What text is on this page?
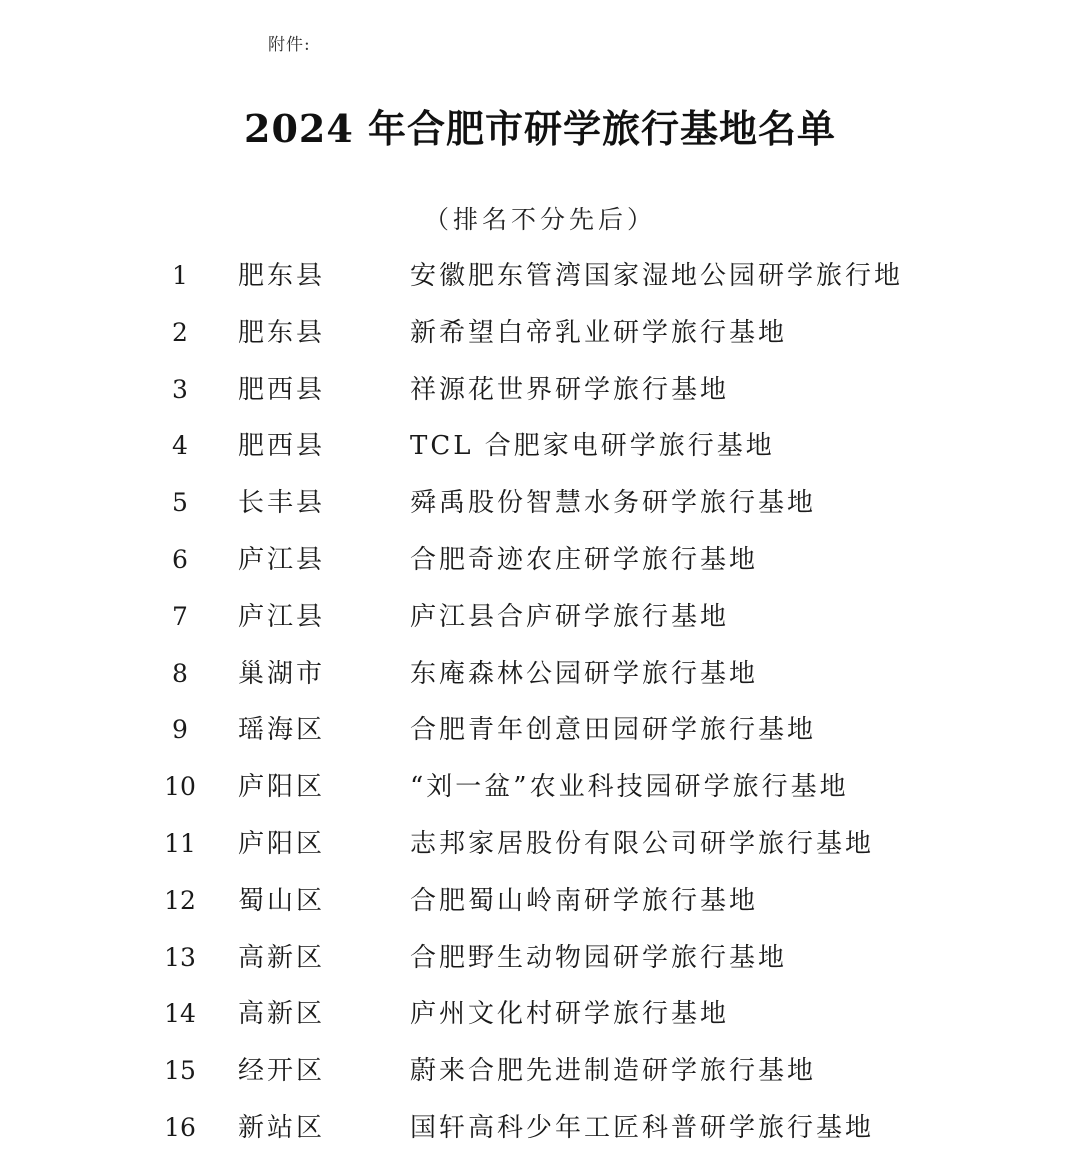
附件:
2024 年合肥市研学旅行基地名单
（排名不分先后）
1	肥东县	安徽肥东管湾国家湿地公园研学旅行地
2	肥东县	新希望白帝乳业研学旅行基地
3	肥西县	祥源花世界研学旅行基地
4	肥西县	TCL 合肥家电研学旅行基地
5	长丰县	舜禹股份智慧水务研学旅行基地
6	庐江县	合肥奇迹农庄研学旅行基地
7	庐江县	庐江县合庐研学旅行基地
8	巢湖市	东庵森林公园研学旅行基地
9	瑶海区	合肥青年创意田园研学旅行基地
10	庐阳区	“刘一盆”农业科技园研学旅行基地
11	庐阳区	志邦家居股份有限公司研学旅行基地
12	蜀山区	合肥蜀山岭南研学旅行基地
13	高新区	合肥野生动物园研学旅行基地
14	高新区	庐州文化村研学旅行基地
15	经开区	蔚来合肥先进制造研学旅行基地
16	新站区	国轩高科少年工匠科普研学旅行基地
